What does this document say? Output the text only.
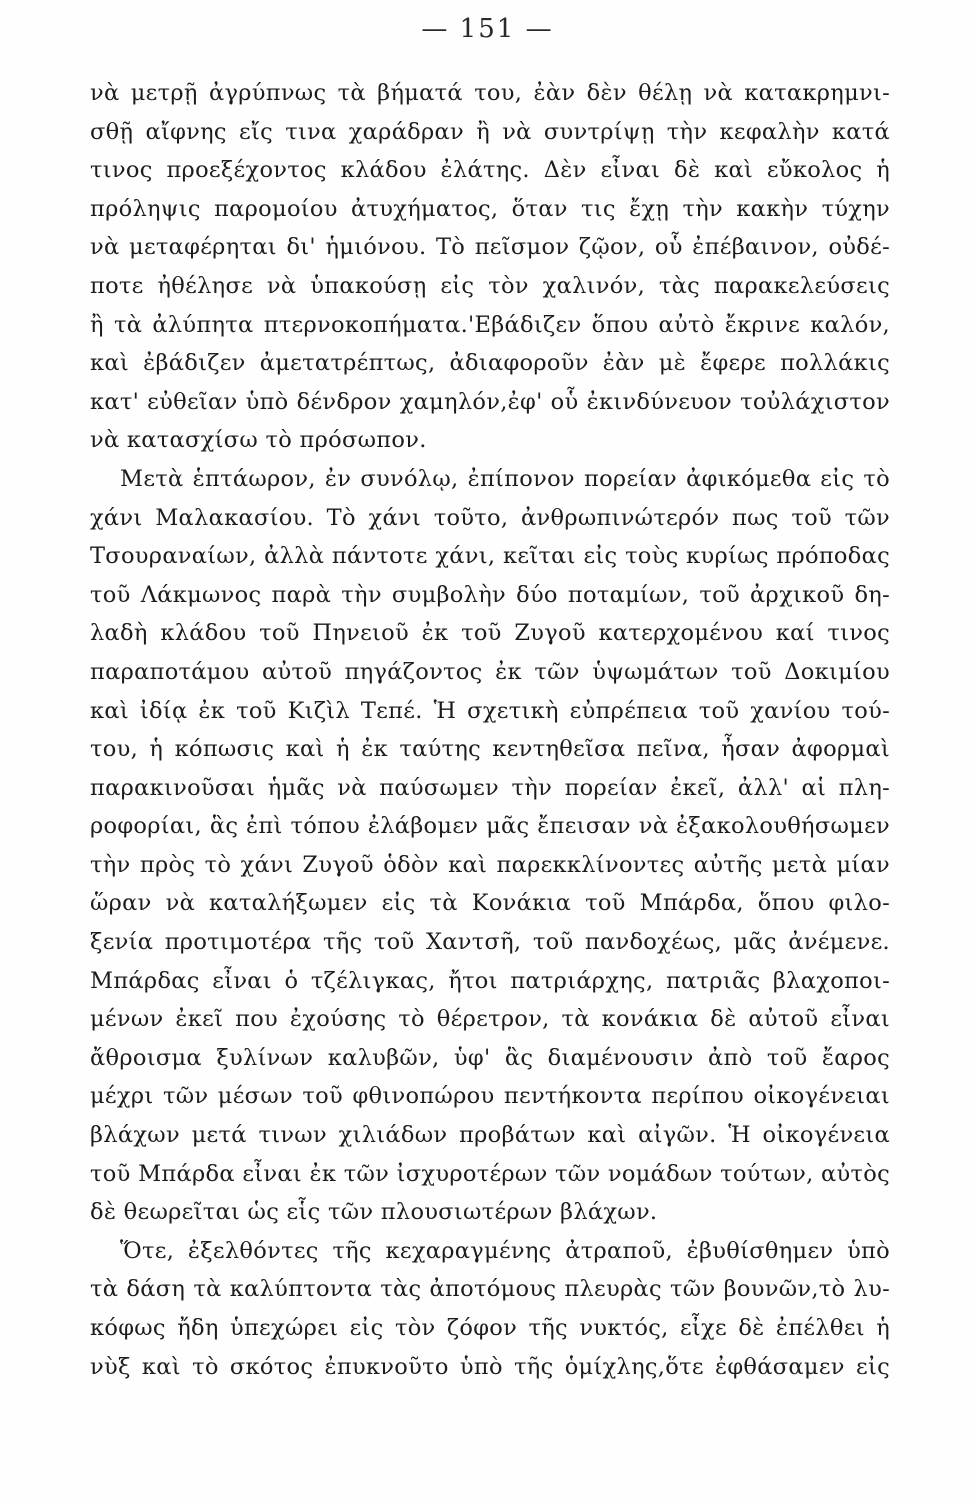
— 151 —
νὰ μετρῇ ἀγρύπνως τὰ βήματά του, ἐὰν δὲν θέλῃ νὰ κατακρημνι-
σθῇ αἴφνης εἴς τινα χαράδραν ἢ νὰ συντρίψῃ τὴν κεφαλὴν κατά
τινος προεξέχοντος κλάδου ἐλάτης. Δὲν εἶναι δὲ καὶ εὔκολος ἡ
πρόληψις παρομοίου ἀτυχήματος, ὅταν τις ἔχῃ τὴν κακὴν τύχην
νὰ μεταφέρηται δι' ἡμιόνου. Τὸ πεῖσμον ζῷον, οὗ ἐπέβαινον, οὐδέ-
ποτε ἠθέλησε νὰ ὑπακούσῃ εἰς τὸν χαλινόν, τὰς παρακελεύσεις
ἢ τὰ ἀλύπητα πτερνοκοπήματα.'Εβάδιζεν ὅπου αὐτὸ ἔκρινε καλόν,
καὶ ἐβάδιζεν ἀμετατρέπτως, ἀδιαφοροῦν ἐὰν μὲ ἔφερε πολλάκις
κατ' εὐθεῖαν ὑπὸ δένδρον χαμηλόν,ἐφ' οὗ ἐκινδύνευον τοὐλάχιστον
νὰ κατασχίσω τὸ πρόσωπον.
Μετὰ ἑπτάωρον, ἐν συνόλῳ, ἐπίπονον πορείαν ἀφικόμεθα εἰς τὸ
χάνι Μαλακασίου. Τὸ χάνι τοῦτο, ἀνθρωπινώτερόν πως τοῦ τῶν
Τσουραναίων, ἀλλὰ πάντοτε χάνι, κεῖται εἰς τοὺς κυρίως πρόποδας
τοῦ Λάκμωνος παρὰ τὴν συμβολὴν δύο ποταμίων, τοῦ ἀρχικοῦ δη-
λαδὴ κλάδου τοῦ Πηνειοῦ ἐκ τοῦ Ζυγοῦ κατερχομένου καί τινος
παραποτάμου αὐτοῦ πηγάζοντος ἐκ τῶν ὑψωμάτων τοῦ Δοκιμίου
καὶ ἰδίᾳ ἐκ τοῦ Κιζὶλ Τεπέ. Ἡ σχετικὴ εὐπρέπεια τοῦ χανίου τού-
του, ἡ κόπωσις καὶ ἡ ἐκ ταύτης κεντηθεῖσα πεῖνα, ἦσαν ἀφορμαὶ
παρακινοῦσαι ἡμᾶς νὰ παύσωμεν τὴν πορείαν ἐκεῖ, ἀλλ' αἱ πλη-
ροφορίαι, ἃς ἐπὶ τόπου ἐλάβομεν μᾶς ἔπεισαν νὰ ἐξακολουθήσωμεν
τὴν πρὸς τὸ χάνι Ζυγοῦ ὁδὸν καὶ παρεκκλίνοντες αὐτῆς μετὰ μίαν
ὥραν νὰ καταλήξωμεν εἰς τὰ Κονάκια τοῦ Μπάρδα, ὅπου φιλο-
ξενία προτιμοτέρα τῆς τοῦ Χαντσῆ, τοῦ πανδοχέως, μᾶς ἀνέμενε.
Μπάρδας εἶναι ὁ τζέλιγκας, ἤτοι πατριάρχης, πατριᾶς βλαχοποι-
μένων ἐκεῖ που ἐχούσης τὸ θέρετρον, τὰ κονάκια δὲ αὐτοῦ εἶναι
ἄθροισμα ξυλίνων καλυβῶν, ὑφ' ἃς διαμένουσιν ἀπὸ τοῦ ἔαρος
μέχρι τῶν μέσων τοῦ φθινοπώρου πεντήκοντα περίπου οἰκογένειαι
βλάχων μετά τινων χιλιάδων προβάτων καὶ αἰγῶν. Ἡ οἰκογένεια
τοῦ Μπάρδα εἶναι ἐκ τῶν ἰσχυροτέρων τῶν νομάδων τούτων, αὐτὸς
δὲ θεωρεῖται ὡς εἷς τῶν πλουσιωτέρων βλάχων.
Ὅτε, ἐξελθόντες τῆς κεχαραγμένης ἀτραποῦ, ἐβυθίσθημεν ὑπὸ
τὰ δάση τὰ καλύπτοντα τὰς ἀποτόμους πλευρὰς τῶν βουνῶν,τὸ λυ-
κόφως ἤδη ὑπεχώρει εἰς τὸν ζόφον τῆς νυκτός, εἶχε δὲ ἐπέλθει ἡ
νὺξ καὶ τὸ σκότος ἐπυκνοῦτο ὑπὸ τῆς ὁμίχλης,ὅτε ἐφθάσαμεν εἰς
